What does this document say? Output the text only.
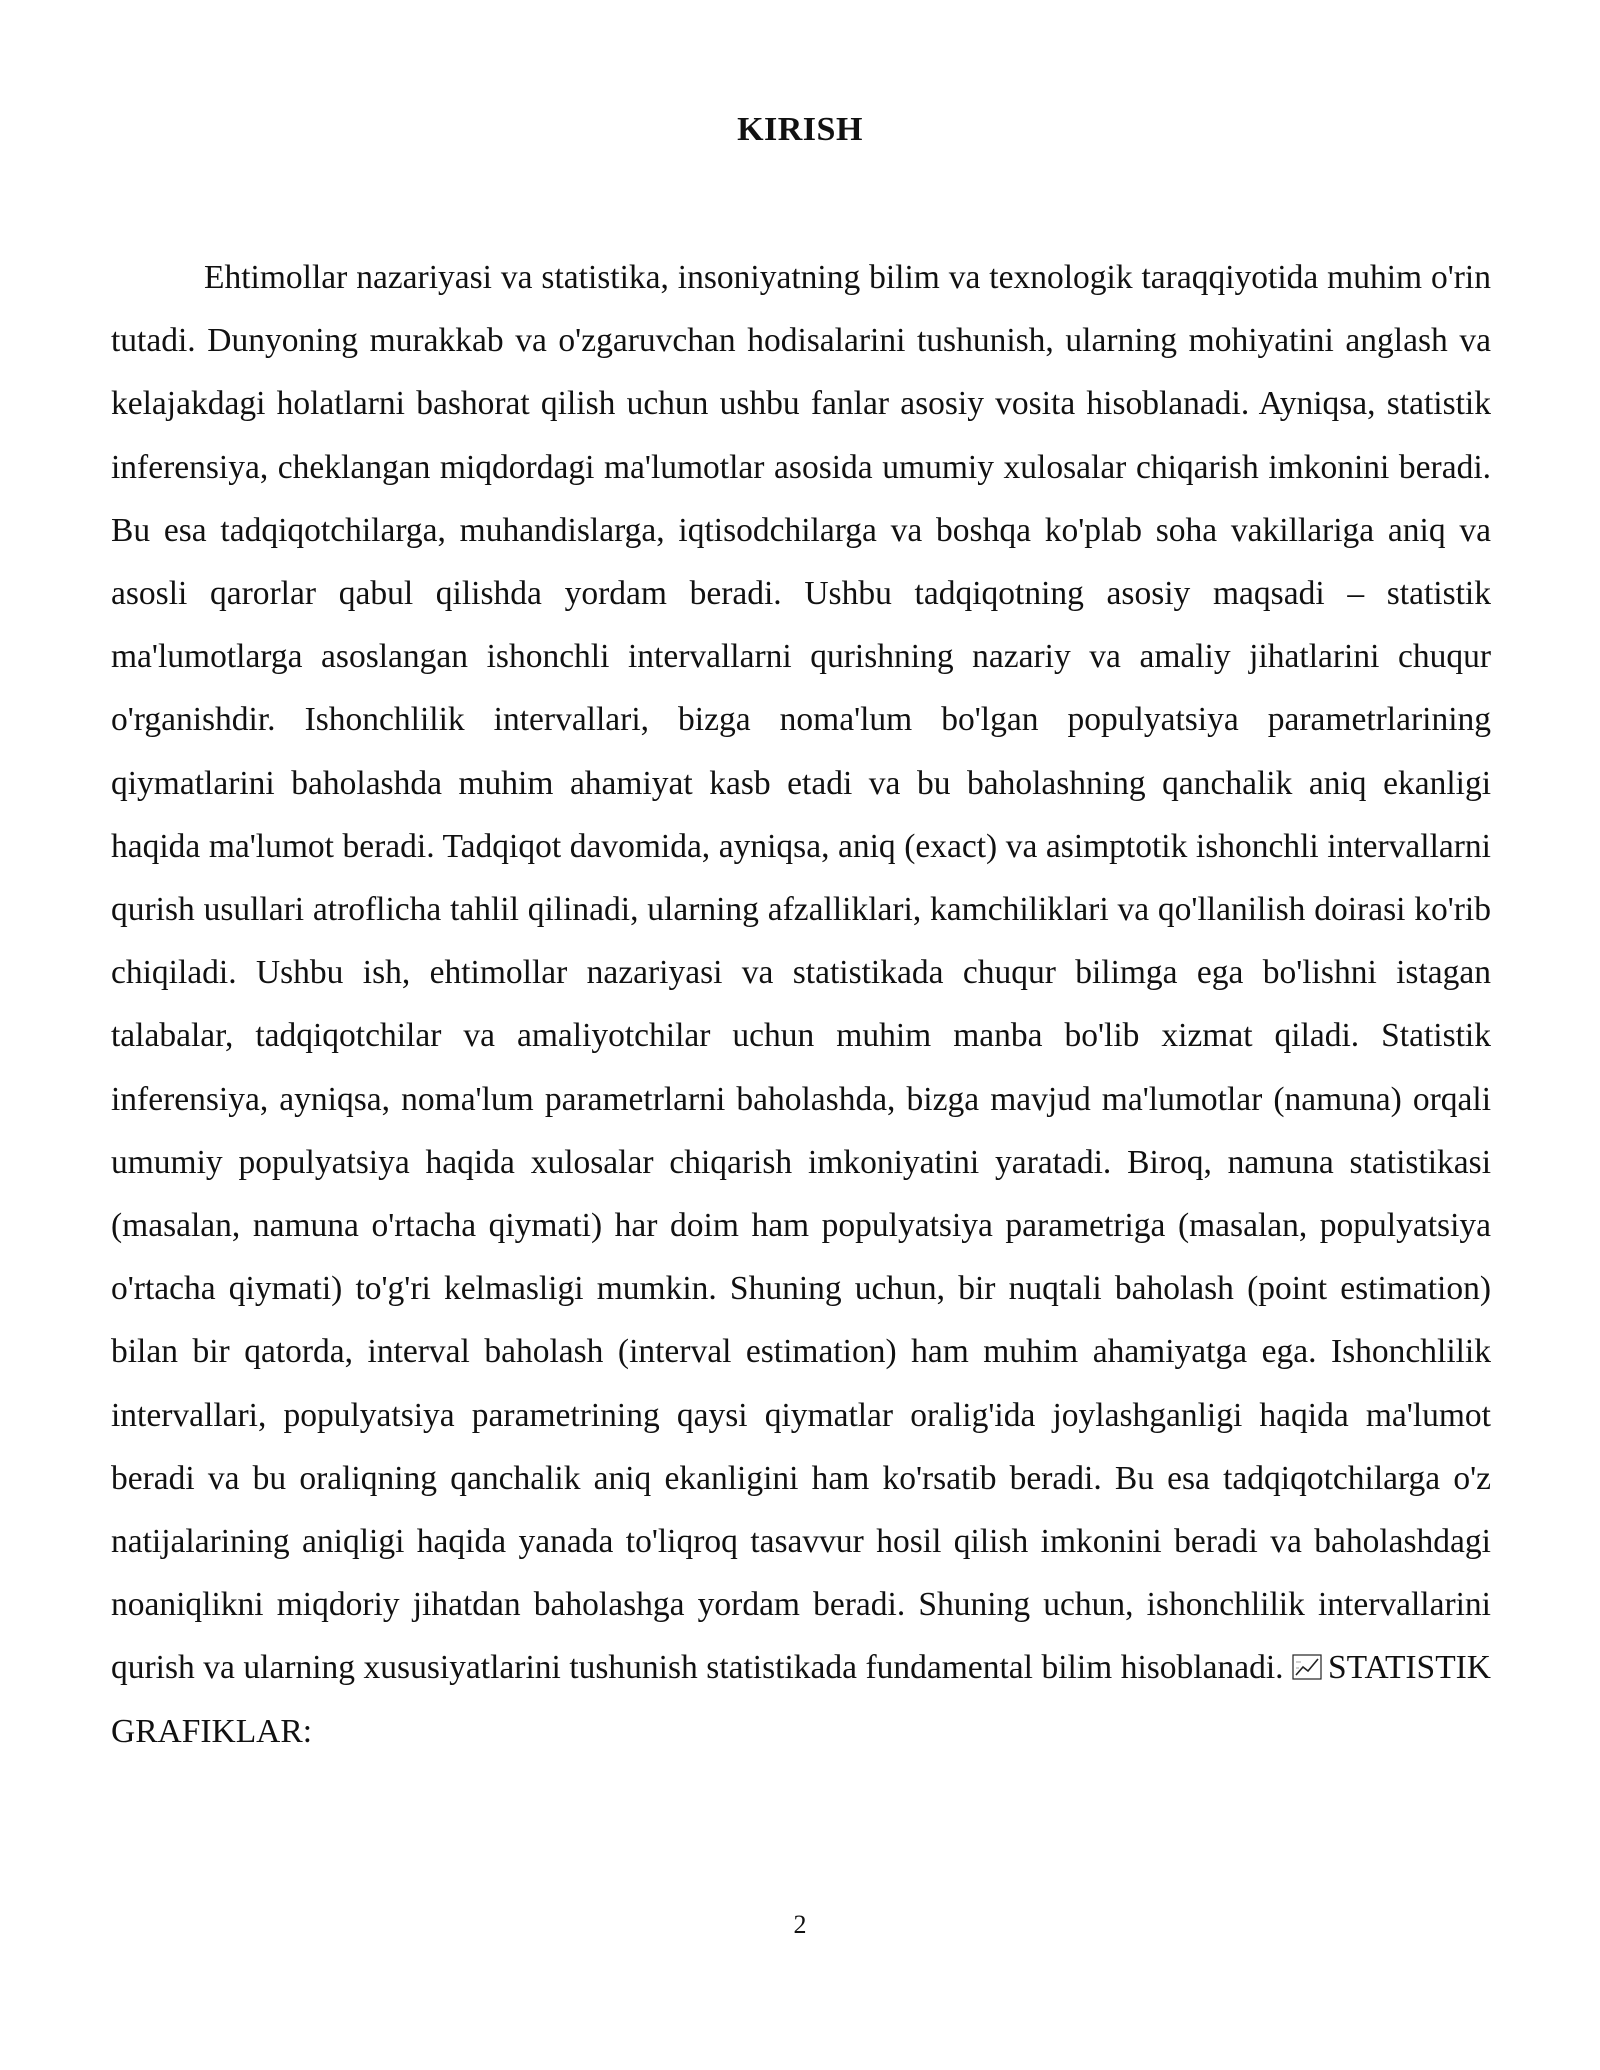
KIRISH

Ehtimollar nazariyasi va statistika, insoniyatning bilim va texnologik taraqqiyotida muhim o'rin tutadi. Dunyoning murakkab va o'zgaruvchan hodisalarini tushunish, ularning mohiyatini anglash va kelajakdagi holatlarni bashorat qilish uchun ushbu fanlar asosiy vosita hisoblanadi. Ayniqsa, statistik inferensiya, cheklangan miqdordagi ma'lumotlar asosida umumiy xulosalar chiqarish imkonini beradi. Bu esa tadqiqotchilarga, muhandislarga, iqtisodchilarga va boshqa ko'plab soha vakillariga aniq va asosli qarorlar qabul qilishda yordam beradi. Ushbu tadqiqotning asosiy maqsadi – statistik ma'lumotlarga asoslangan ishonchli intervallarni qurishning nazariy va amaliy jihatlarini chuqur o'rganishdir. Ishonchlilik intervallari, bizga noma'lum bo'lgan populyatsiya parametrlarining qiymatlarini baholashda muhim ahamiyat kasb etadi va bu baholashning qanchalik aniq ekanligi haqida ma'lumot beradi. Tadqiqot davomida, ayniqsa, aniq (exact) va asimptotik ishonchli intervallarni qurish usullari atroflicha tahlil qilinadi, ularning afzalliklari, kamchiliklari va qo'llanilish doirasi ko'rib chiqiladi. Ushbu ish, ehtimollar nazariyasi va statistikada chuqur bilimga ega bo'lishni istagan talabalar, tadqiqotchilar va amaliyotchilar uchun muhim manba bo'lib xizmat qiladi. Statistik inferensiya, ayniqsa, noma'lum parametrlarni baholashda, bizga mavjud ma'lumotlar (namuna) orqali umumiy populyatsiya haqida xulosalar chiqarish imkoniyatini yaratadi. Biroq, namuna statistikasi (masalan, namuna o'rtacha qiymati) har doim ham populyatsiya parametriga (masalan, populyatsiya o'rtacha qiymati) to'g'ri kelmasligi mumkin. Shuning uchun, bir nuqtali baholash (point estimation) bilan bir qatorda, interval baholash (interval estimation) ham muhim ahamiyatga ega. Ishonchlilik intervallari, populyatsiya parametrining qaysi qiymatlar oralig'ida joylashganligi haqida ma'lumot beradi va bu oraliqning qanchalik aniq ekanligini ham ko'rsatib beradi. Bu esa tadqiqotchilarga o'z natijalarining aniqligi haqida yanada to'liqroq tasavvur hosil qilish imkonini beradi va baholashdagi noaniqlikni miqdoriy jihatdan baholashga yordam beradi. Shuning uchun, ishonchlilik intervallarini qurish va ularning xususiyatlarini tushunish statistikada fundamental bilim hisoblanadi. STATISTIK GRAFIKLAR:

2
